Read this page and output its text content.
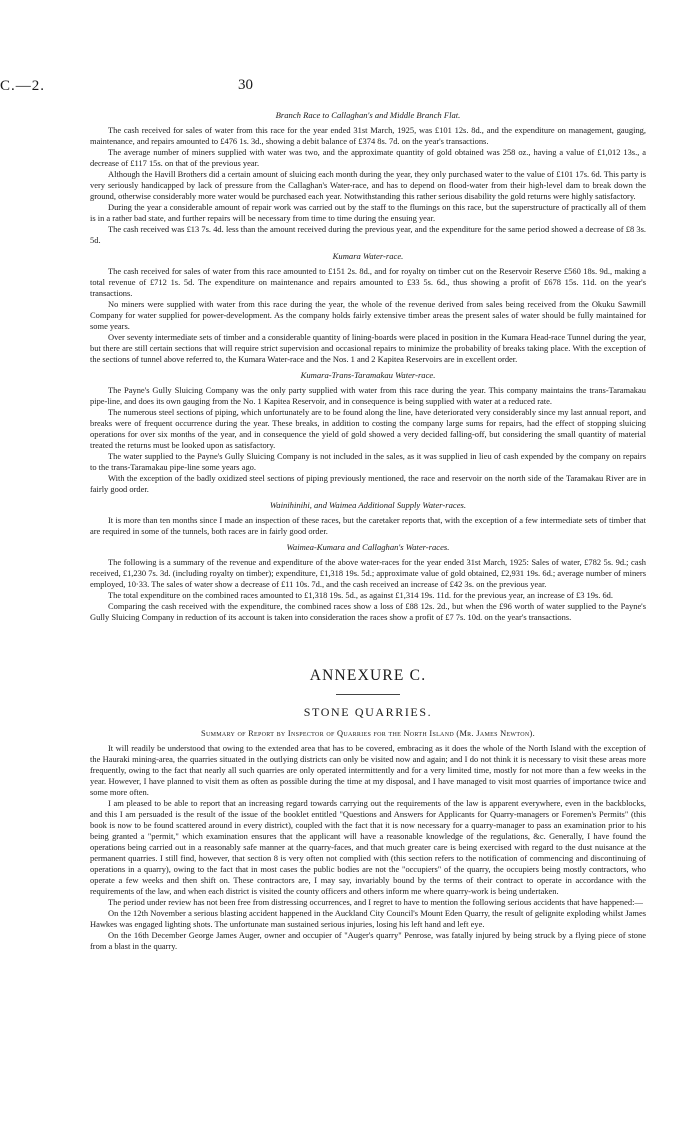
C.—2.	30
Branch Race to Callaghan's and Middle Branch Flat.

The cash received for sales of water from this race for the year ended 31st March, 1925, was £101 12s. 8d., and the expenditure on management, gauging, maintenance, and repairs amounted to £476 1s. 3d., showing a debit balance of £374 8s. 7d. on the year's transactions.

The average number of miners supplied with water was two, and the approximate quantity of gold obtained was 258 oz., having a value of £1,012 13s., a decrease of £117 15s. on that of the previous year.

Although the Havill Brothers did a certain amount of sluicing each month during the year, they only purchased water to the value of £101 17s. 6d. This party is very seriously handicapped by lack of pressure from the Callaghan's Water-race, and has to depend on flood-water from their high-level dam to break down the ground, otherwise considerably more water would be purchased each year. Notwithstanding this rather serious disability the gold returns were highly satisfactory.

During the year a considerable amount of repair work was carried out by the staff to the flumings on this race, but the superstructure of practically all of them is in a rather bad state, and further repairs will be necessary from time to time during the ensuing year.

The cash received was £13 7s. 4d. less than the amount received during the previous year, and the expenditure for the same period showed a decrease of £8 3s. 5d.

Kumara Water-race.

The cash received for sales of water from this race amounted to £151 2s. 8d., and for royalty on timber cut on the Reservoir Reserve £560 18s. 9d., making a total revenue of £712 1s. 5d. The expenditure on maintenance and repairs amounted to £33 5s. 6d., thus showing a profit of £678 15s. 11d. on the year's transactions.

No miners were supplied with water from this race during the year, the whole of the revenue derived from sales being received from the Okuku Sawmill Company for water supplied for power-development. As the company holds fairly extensive timber areas the present sales of water should be fully maintained for some years.

Over seventy intermediate sets of timber and a considerable quantity of lining-boards were placed in position in the Kumara Head-race Tunnel during the year, but there are still certain sections that will require strict supervision and occasional repairs to minimize the probability of breaks taking place. With the exception of the sections of tunnel above referred to, the Kumara Water-race and the Nos. 1 and 2 Kapitea Reservoirs are in excellent order.

Kumara-Trans-Taramakau Water-race.

The Payne's Gully Sluicing Company was the only party supplied with water from this race during the year. This company maintains the trans-Taramakau pipe-line, and does its own gauging from the No. 1 Kapitea Reservoir, and in consequence is being supplied with water at a reduced rate.

The numerous steel sections of piping, which unfortunately are to be found along the line, have deteriorated very considerably since my last annual report, and breaks were of frequent occurrence during the year. These breaks, in addition to costing the company large sums for repairs, had the effect of stopping sluicing operations for over six months of the year, and in consequence the yield of gold showed a very decided falling-off, but considering the small quantity of material treated the returns must be looked upon as satisfactory.

The water supplied to the Payne's Gully Sluicing Company is not included in the sales, as it was supplied in lieu of cash expended by the company on repairs to the trans-Taramakau pipe-line some years ago.

With the exception of the badly oxidized steel sections of piping previously mentioned, the race and reservoir on the north side of the Taramakau River are in fairly good order.

Wainihinihi, and Waimea Additional Supply Water-races.

It is more than ten months since I made an inspection of these races, but the caretaker reports that, with the exception of a few intermediate sets of timber that are required in some of the tunnels, both races are in fairly good order.

Waimea-Kumara and Callaghan's Water-races.

The following is a summary of the revenue and expenditure of the above water-races for the year ended 31st March, 1925: Sales of water, £782 5s. 9d.; cash received, £1,230 7s. 3d. (including royalty on timber); expenditure, £1,318 19s. 5d.; approximate value of gold obtained, £2,931 19s. 6d.; average number of miners employed, 10·33. The sales of water show a decrease of £11 10s. 7d., and the cash received an increase of £42 3s. on the previous year.

The total expenditure on the combined races amounted to £1,318 19s. 5d., as against £1,314 19s. 11d. for the previous year, an increase of £3 19s. 6d.

Comparing the cash received with the expenditure, the combined races show a loss of £88 12s. 2d., but when the £96 worth of water supplied to the Payne's Gully Sluicing Company in reduction of its account is taken into consideration the races show a profit of £7 7s. 10d. on the year's transactions.

ANNEXURE C.
STONE QUARRIES.
Summary of Report by Inspector of Quarries for the North Island (Mr. James Newton).

It will readily be understood that owing to the extended area that has to be covered, embracing as it does the whole of the North Island with the exception of the Hauraki mining-area, the quarries situated in the outlying districts can only be visited now and again; and I do not think it is necessary to visit these areas more frequently, owing to the fact that nearly all such quarries are only operated intermittently and for a very limited time, mostly for not more than a few weeks in the year. However, I have planned to visit them as often as possible during the time at my disposal, and I have managed to visit most quarries of importance twice and some more often.

I am pleased to be able to report that an increasing regard towards carrying out the requirements of the law is apparent everywhere, even in the backblocks, and this I am persuaded is the result of the issue of the booklet entitled "Questions and Answers for Applicants for Quarry-managers or Foremen's Permits" (this book is now to be found scattered around in every district), coupled with the fact that it is now necessary for a quarry-manager to pass an examination prior to his being granted a "permit," which examination ensures that the applicant will have a reasonable knowledge of the regulations, &c. Generally, I have found the operations being carried out in a reasonably safe manner at the quarry-faces, and that much greater care is being exercised with regard to the dust nuisance at the permanent quarries. I still find, however, that section 8 is very often not complied with (this section refers to the notification of commencing and discontinuing of operations in a quarry), owing to the fact that in most cases the public bodies are not the "occupiers" of the quarry, the occupiers being mostly contractors, who operate a few weeks and then shift on. These contractors are, I may say, invariably bound by the terms of their contract to operate in accordance with the requirements of the law, and when each district is visited the county officers and others inform me where quarry-work is being undertaken.

The period under review has not been free from distressing occurrences, and I regret to have to mention the following serious accidents that have happened:—

On the 12th November a serious blasting accident happened in the Auckland City Council's Mount Eden Quarry, the result of gelignite exploding whilst James Hawkes was engaged lighting shots. The unfortunate man sustained serious injuries, losing his left hand and left eye.

On the 16th December George James Auger, owner and occupier of "Auger's quarry" Penrose, was fatally injured by being struck by a flying piece of stone from a blast in the quarry.
